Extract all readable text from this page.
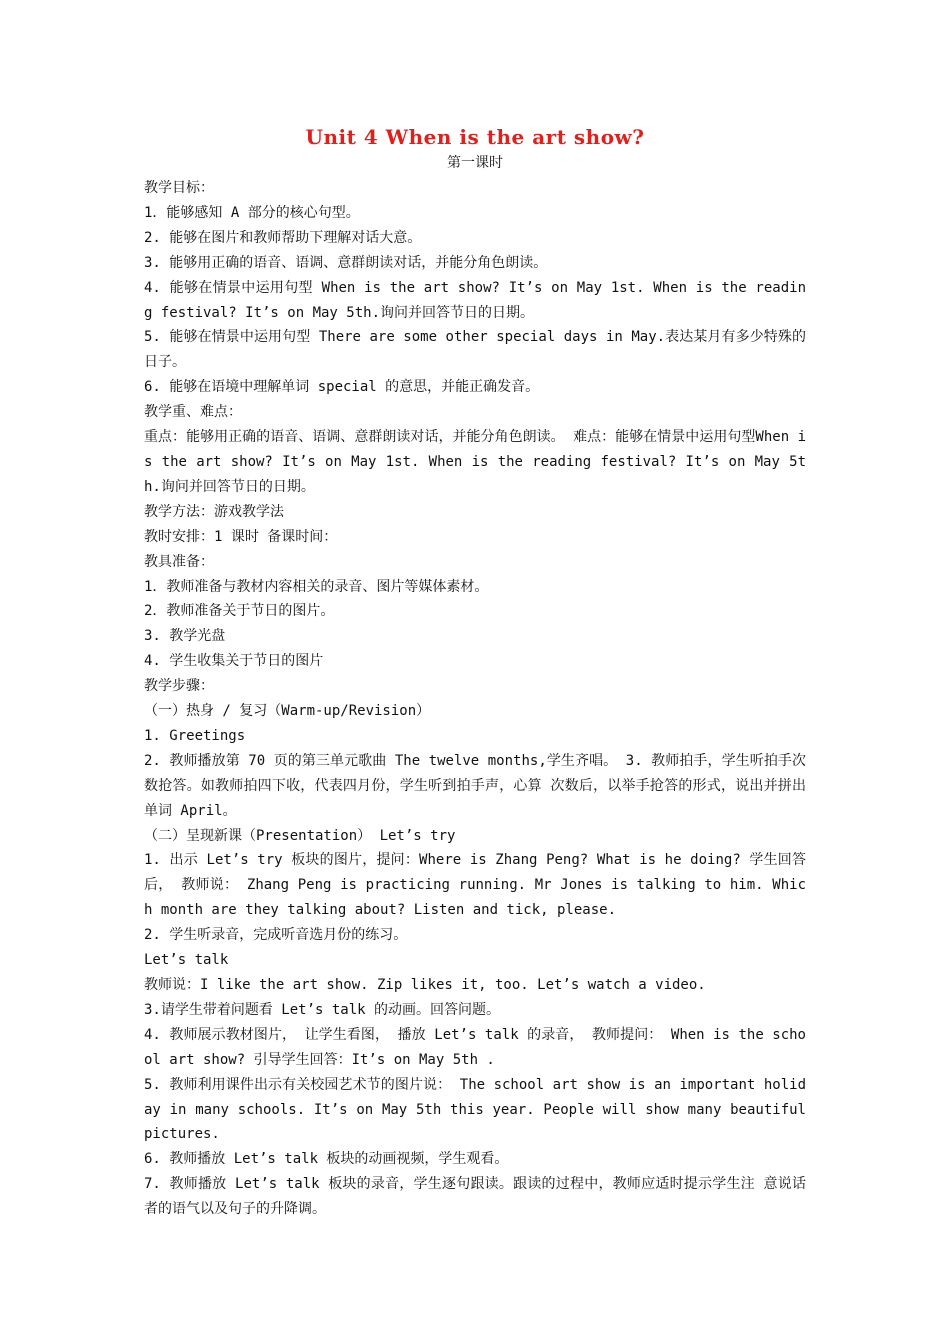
Unit 4 When is the art show?
第一课时

教学目标：

1．能够感知 A 部分的核心句型。

2. 能够在图片和教师帮助下理解对话大意。

3. 能够用正确的语音、语调、意群朗读对话，并能分角色朗读。

4. 能够在情景中运用句型 When is the art show? It’s on May 1st. When is the reading festival? It’s on May 5th.询问并回答节日的日期。

5. 能够在情景中运用句型 There are some other special days in May.表达某月有多少特殊的日子。

6. 能够在语境中理解单词 special 的意思，并能正确发音。

教学重、难点：

重点：能够用正确的语音、语调、意群朗读对话，并能分角色朗读。 难点：能够在情景中运用句型When is the art show? It’s on May 1st. When is the reading festival? It’s on May 5th.询问并回答节日的日期。

教学方法：游戏教学法

教时安排：1 课时 备课时间：

教具准备：

1．教师准备与教材内容相关的录音、图片等媒体素材。

2．教师准备关于节日的图片。

3. 教学光盘

4. 学生收集关于节日的图片

教学步骤：

（一）热身 / 复习（Warm-up/Revision）

1. Greetings

2. 教师播放第 70 页的第三单元歌曲 The twelve months,学生齐唱。 3. 教师拍手，学生听拍手次数抢答。如教师拍四下收，代表四月份，学生听到拍手声，心算 次数后，以举手抢答的形式，说出并拼出单词 April。

（二）呈现新课（Presentation） Let’s try

1. 出示 Let’s try 板块的图片，提问：Where is Zhang Peng? What is he doing? 学生回答后， 教师说： Zhang Peng is practicing running. Mr Jones is talking to him. Which month are they talking about? Listen and tick, please.

2. 学生听录音，完成听音选月份的练习。

Let’s talk

教师说：I like the art show. Zip likes it, too. Let’s watch a video.

3.请学生带着问题看 Let’s talk 的动画。回答问题。

4. 教师展示教材图片， 让学生看图， 播放 Let’s talk 的录音， 教师提问： When is the school art show? 引导学生回答：It’s on May 5th .

5. 教师利用课件出示有关校园艺术节的图片说： The school art show is an important holiday in many schools. It’s on May 5th this year. People will show many beautiful pictures.

6. 教师播放 Let’s talk 板块的动画视频，学生观看。

7. 教师播放 Let’s talk 板块的录音，学生逐句跟读。跟读的过程中，教师应适时提示学生注 意说话者的语气以及句子的升降调。
